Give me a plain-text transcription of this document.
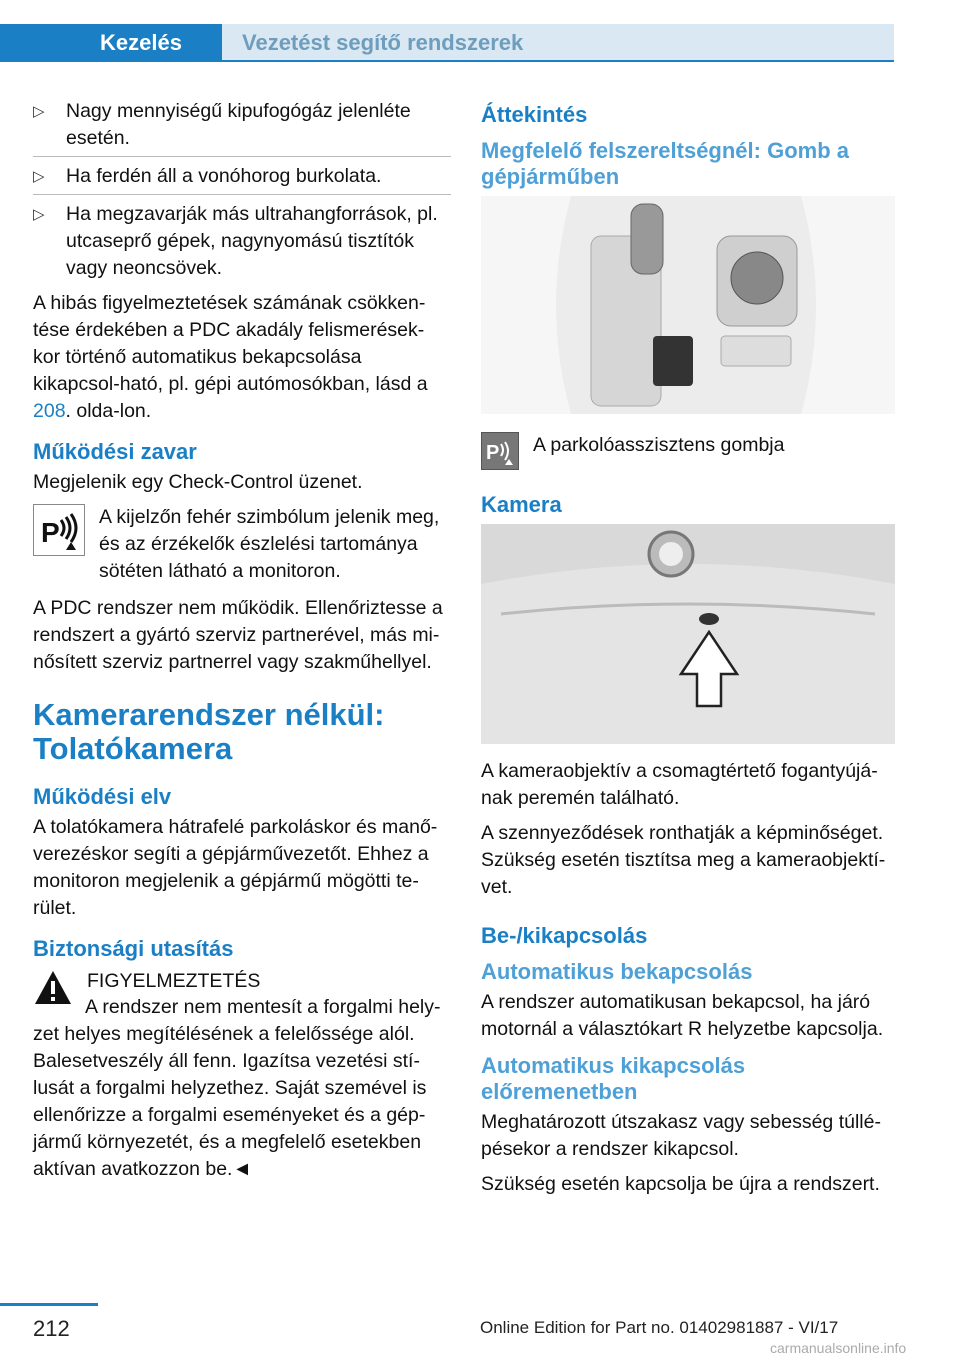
Kezelés	Vezetést segítő rendszerek
▷ Nagy mennyiségű kipufogógáz jelenléte esetén.
▷ Ha ferdén áll a vonóhorog burkolata.
▷ Ha megzavarják más ultrahangforrások, pl. utcaseprő gépek, nagynyomású tisztítók vagy neoncsövek.

A hibás figyelmeztetések számának csökken‐tése érdekében a PDC akadály felismerések‐ kor történő automatikus bekapcsolása kikapcsol‐ható, pl. gépi autómosókban, lásd a 208. olda‐lon.

Működési zavar

Megjelenik egy Check-Control üzenet.

P A kijelzőn fehér szimbólum jelenik meg, és az érzékelők észlelési tartománya sötéten látható a monitoron.

A PDC rendszer nem működik. Ellenőriztesse a rendszert a gyártó szerviz partnerével, más mi‐nősített szerviz partnerrel vagy szakműhellyel.

Kamerarendszer nélkül: Tolatókamera
Működési elv

A tolatókamera hátrafelé parkoláskor és manő‐verezéskor segíti a gépjárművezetőt. Ehhez a monitoron megjelenik a gépjármű mögötti te‐rület.

Biztonsági utasítás
FIGYELMEZTETÉS

A rendszer nem mentesít a forgalmi hely‐zet helyes megítélésének a felelőssége alól. Balesetveszély áll fenn. Igazítsa vezetési stí‐lusát a forgalmi helyzethez. Saját szemével is ellenőrizze a forgalmi eseményeket és a gép‐jármű környezetét, és a megfelelő esetekben aktívan avatkozzon be.◄

Áttekintés
Megfelelő felszereltségnél: Gomb a gépjárműben
P A parkolóasszisztens gombja
Kamera

A kameraobjektív a csomagtértető fogantyújá‐nak peremén található.

A szennyeződések ronthatják a képminőséget. Szükség esetén tisztítsa meg a kameraobjektí‐vet.

Be-/kikapcsolás
Automatikus bekapcsolás

A rendszer automatikusan bekapcsol, ha járó motornál a választókart R helyzetbe kapcsolja.

Automatikus kikapcsolás előremenetben

Meghatározott útszakasz vagy sebesség túllé‐pésekor a rendszer kikapcsol.

Szükség esetén kapcsolja be újra a rendszert.

212	Online Edition for Part no. 01402981887 - VI/17
carmanualsonline.info
